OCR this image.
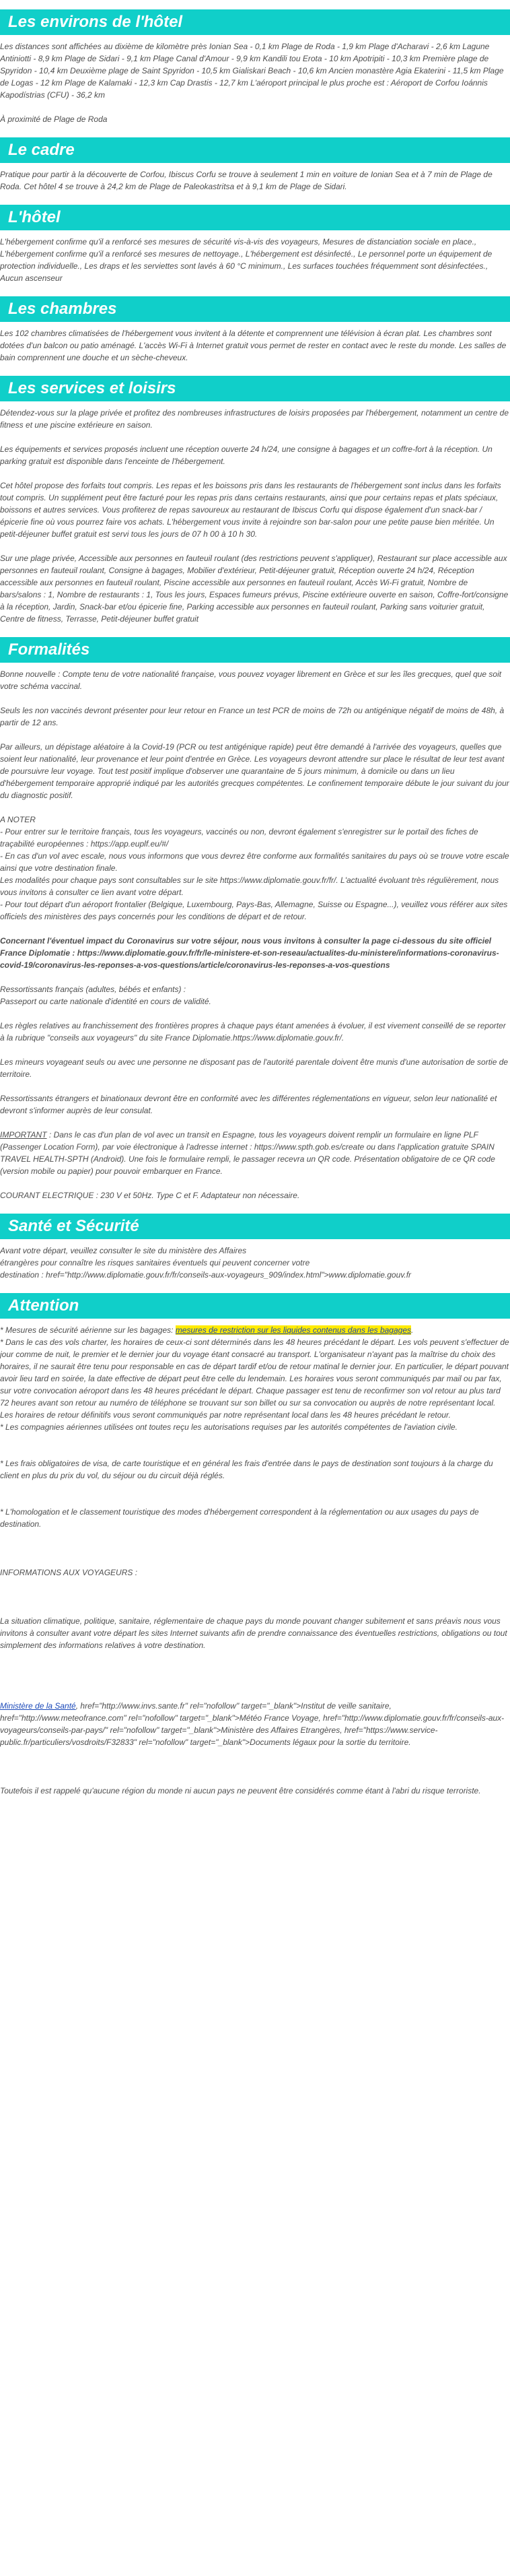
Les environs de l'hôtel
Les distances sont affichées au dixième de kilomètre près Ionian Sea - 0,1 km Plage de Roda - 1,9 km Plage d'Acharavi - 2,6 km Lagune Antiniotti - 8,9 km Plage de Sidari - 9,1 km Plage Canal d'Amour - 9,9 km Kandili tou Erota - 10 km Apotripiti - 10,3 km Première plage de Spyridon - 10,4 km Deuxième plage de Saint Spyridon - 10,5 km Gialiskari Beach - 10,6 km Ancien monastère Agia Ekaterini - 11,5 km Plage de Logas - 12 km Plage de Kalamaki - 12,3 km Cap Drastis - 12,7 km L'aéroport principal le plus proche est : Aéroport de Corfou Ioánnis Kapodístrias (CFU) - 36,2 km
À proximité de Plage de Roda
Le cadre
Pratique pour partir à la découverte de Corfou, Ibiscus Corfu se trouve à seulement 1 min en voiture de Ionian Sea et à 7 min de Plage de Roda. Cet hôtel 4 se trouve à 24,2 km de Plage de Paleokastritsa et à 9,1 km de Plage de Sidari.
L'hôtel
L'hébergement confirme qu'il a renforcé ses mesures de sécurité vis-à-vis des voyageurs, Mesures de distanciation sociale en place., L'hébergement confirme qu'il a renforcé ses mesures de nettoyage., L'hébergement est désinfecté., Le personnel porte un équipement de protection individuelle., Les draps et les serviettes sont lavés à 60 °C minimum., Les surfaces touchées fréquemment sont désinfectées., Aucun ascenseur
Les chambres
Les 102 chambres climatisées de l'hébergement vous invitent à la détente et comprennent une télévision à écran plat. Les chambres sont dotées d'un balcon ou patio aménagé. L'accès Wi-Fi à Internet gratuit vous permet de rester en contact avec le reste du monde. Les salles de bain comprennent une douche et un sèche-cheveux.
Les services et loisirs
Détendez-vous sur la plage privée et profitez des nombreuses infrastructures de loisirs proposées par l'hébergement, notamment un centre de fitness et une piscine extérieure en saison.
Les équipements et services proposés incluent une réception ouverte 24 h/24, une consigne à bagages et un coffre-fort à la réception. Un parking gratuit est disponible dans l'enceinte de l'hébergement.
Cet hôtel propose des forfaits tout compris. Les repas et les boissons pris dans les restaurants de l'hébergement sont inclus dans les forfaits tout compris. Un supplément peut être facturé pour les repas pris dans certains restaurants, ainsi que pour certains repas et plats spéciaux, boissons et autres services. Vous profiterez de repas savoureux au restaurant de Ibiscus Corfu qui dispose également d'un snack-bar / épicerie fine où vous pourrez faire vos achats. L'hébergement vous invite à rejoindre son bar-salon pour une petite pause bien méritée. Un petit-déjeuner buffet gratuit est servi tous les jours de 07 h 00 à 10 h 30.
Sur une plage privée, Accessible aux personnes en fauteuil roulant (des restrictions peuvent s'appliquer), Restaurant sur place accessible aux personnes en fauteuil roulant, Consigne à bagages, Mobilier d'extérieur, Petit-déjeuner gratuit, Réception ouverte 24 h/24, Réception accessible aux personnes en fauteuil roulant, Piscine accessible aux personnes en fauteuil roulant, Accès Wi-Fi gratuit, Nombre de bars/salons : 1, Nombre de restaurants : 1, Tous les jours, Espaces fumeurs prévus, Piscine extérieure ouverte en saison, Coffre-fort/consigne à la réception, Jardin, Snack-bar et/ou épicerie fine, Parking accessible aux personnes en fauteuil roulant, Parking sans voiturier gratuit, Centre de fitness, Terrasse, Petit-déjeuner buffet gratuit
Formalités
Bonne nouvelle : Compte tenu de votre nationalité française, vous pouvez voyager librement en Grèce et sur les îles grecques, quel que soit votre schéma vaccinal.
Seuls les non vaccinés devront présenter pour leur retour en France un test PCR de moins de 72h ou antigénique négatif de moins de 48h, à partir de 12 ans.
Par ailleurs, un dépistage aléatoire à la Covid-19 (PCR ou test antigénique rapide) peut être demandé à l'arrivée des voyageurs, quelles que soient leur nationalité, leur provenance et leur point d'entrée en Grèce. Les voyageurs devront attendre sur place le résultat de leur test avant de poursuivre leur voyage. Tout test positif implique d'observer une quarantaine de 5 jours minimum, à domicile ou dans un lieu d'hébergement temporaire approprié indiqué par les autorités grecques compétentes. Le confinement temporaire débute le jour suivant du jour du diagnostic positif.
A NOTER
- Pour entrer sur le territoire français, tous les voyageurs, vaccinés ou non, devront également s'enregistrer sur le portail des fiches de traçabilité européennes : https://app.euplf.eu/#/
- En cas d'un vol avec escale, nous vous informons que vous devrez être conforme aux formalités sanitaires du pays où se trouve votre escale ainsi que votre destination finale.
Les modalités pour chaque pays sont consultables sur le site https://www.diplomatie.gouv.fr/fr/. L'actualité évoluant très régulièrement, nous vous invitons à consulter ce lien avant votre départ.
- Pour tout départ d'un aéroport frontalier (Belgique, Luxembourg, Pays-Bas, Allemagne, Suisse ou Espagne...), veuillez vous référer aux sites officiels des ministères des pays concernés pour les conditions de départ et de retour.
Concernant l'éventuel impact du Coronavirus sur votre séjour, nous vous invitons à consulter la page ci-dessous du site officiel France Diplomatie : https://www.diplomatie.gouv.fr/fr/le-ministere-et-son-reseau/actualites-du-ministere/informations-coronavirus-covid-19/coronavirus-les-reponses-a-vos-questions/article/coronavirus-les-reponses-a-vos-questions
Ressortissants français (adultes, bébés et enfants) :
Passeport ou carte nationale d'identité en cours de validité.
Les règles relatives au franchissement des frontières propres à chaque pays étant amenées à évoluer, il est vivement conseillé de se reporter à la rubrique "conseils aux voyageurs" du site France Diplomatie.https://www.diplomatie.gouv.fr/.
Les mineurs voyageant seuls ou avec une personne ne disposant pas de l'autorité parentale doivent être munis d'une autorisation de sortie de territoire.
Ressortissants étrangers et binationaux devront être en conformité avec les différentes réglementations en vigueur, selon leur nationalité et devront s'informer auprès de leur consulat.
IMPORTANT : Dans le cas d'un plan de vol avec un transit en Espagne, tous les voyageurs doivent remplir un formulaire en ligne PLF (Passenger Location Form), par voie électronique à l'adresse internet : https://www.spth.gob.es/create ou dans l'application gratuite SPAIN TRAVEL HEALTH-SPTH (Android). Une fois le formulaire rempli, le passager recevra un QR code. Présentation obligatoire de ce QR code (version mobile ou papier) pour pouvoir embarquer en France.
COURANT ELECTRIQUE : 230 V et 50Hz. Type C et F. Adaptateur non nécessaire.
Santé et Sécurité
Avant votre départ, veuillez consulter le site du ministère des Affaires
étrangères pour connaître les risques sanitaires éventuels qui peuvent concerner votre
destination : href="http://www.diplomatie.gouv.fr/fr/conseils-aux-voyageurs_909/index.html">www.diplomatie.gouv.fr
Attention
* Mesures de sécurité aérienne sur les bagages: mesures de restriction sur les liquides contenus dans les bagages.
* Dans le cas des vols charter, les horaires de ceux-ci sont déterminés dans les 48 heures précédant le départ. Les vols peuvent s'effectuer de jour comme de nuit, le premier et le dernier jour du voyage étant consacré au transport. L'organisateur n'ayant pas la maîtrise du choix des horaires, il ne saurait être tenu pour responsable en cas de départ tardif et/ou de retour matinal le dernier jour. En particulier, le départ pouvant avoir lieu tard en soirée, la date effective de départ peut être celle du lendemain. Les horaires vous seront communiqués par mail ou par fax, sur votre convocation aéroport dans les 48 heures précédant le départ. Chaque passager est tenu de reconfirmer son vol retour au plus tard 72 heures avant son retour au numéro de téléphone se trouvant sur son billet ou sur sa convocation ou auprès de notre représentant local. Les horaires de retour définitifs vous seront communiqués par notre représentant local dans les 48 heures précédant le retour.
* Les compagnies aériennes utilisées ont toutes reçu les autorisations requises par les autorités compétentes de l'aviation civile.
* Les frais obligatoires de visa, de carte touristique et en général les frais d'entrée dans le pays de destination sont toujours à la charge du client en plus du prix du vol, du séjour ou du circuit déjà réglés.
* L'homologation et le classement touristique des modes d'hébergement correspondent à la réglementation ou aux usages du pays de destination.
INFORMATIONS AUX VOYAGEURS :
La situation climatique, politique, sanitaire, réglementaire de chaque pays du monde pouvant changer subitement et sans préavis nous vous invitons à consulter avant votre départ les sites Internet suivants afin de prendre connaissance des éventuelles restrictions, obligations ou tout simplement des informations relatives à votre destination.
Ministère de la Santé, href="http://www.invs.sante.fr" rel="nofollow" target="_blank">Institut de veille sanitaire, href="http://www.meteofrance.com" rel="nofollow" target="_blank">Météo France Voyage, href="http://www.diplomatie.gouv.fr/fr/conseils-aux-voyageurs/conseils-par-pays/" rel="nofollow" target="_blank">Ministère des Affaires Etrangères, href="https://www.service-public.fr/particuliers/vosdroits/F32833" rel="nofollow" target="_blank">Documents légaux pour la sortie du territoire.
Toutefois il est rappelé qu'aucune région du monde ni aucun pays ne peuvent être considérés comme étant à l'abri du risque terroriste.
